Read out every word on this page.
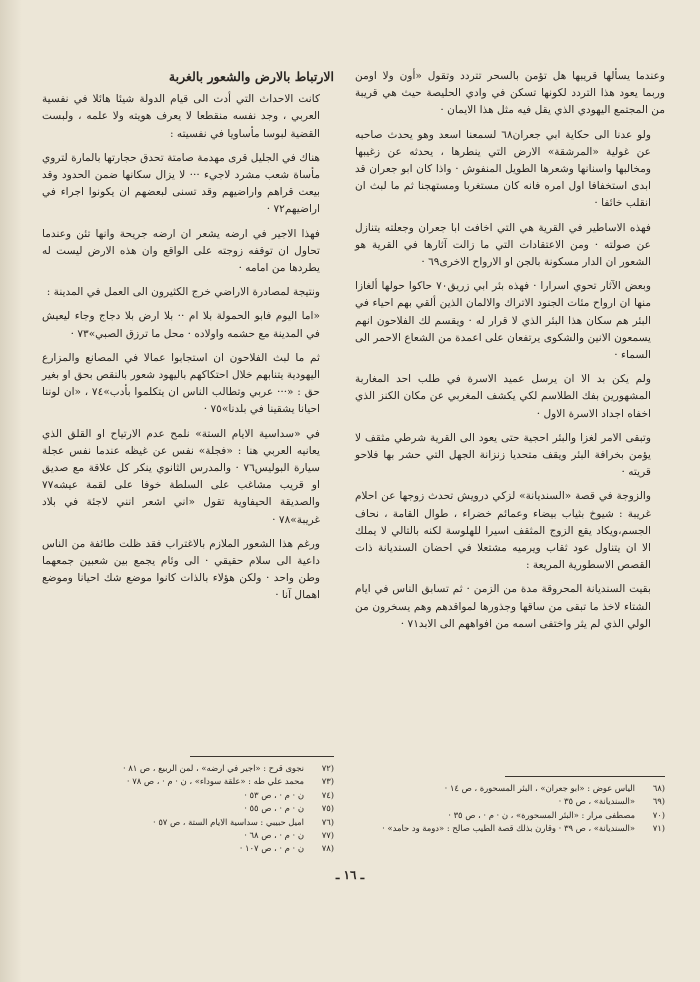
وعندما يسألها قريبها هل تؤمن بالسحر تتردد وتقول «أون ولا اومن وربما يعود هذا التردد لكونها تسكن في وادي الحليصة حيث هي قريبة من المجتمع اليهودي الذي يقل فيه مثل هذا الايمان ·

ولو عدنا الى حكاية ابي جعران٦٨ لسمعنا اسعد وهو يحدث صاحبه عن غولية «المرشقة» الارض التي ينطرها ، يحدثه عن زغيبها ومخالبها واسنانها وشعرها الطويل المنفوش · واذا كان ابو جعران قد ابدى استخفافا اول امره فانه كان مستغربا ومستهجنا ثم ما لبث ان انقلب خائفا ·

فهذه الاساطير في القرية هي التي اخافت ابا جعران وجعلته يتنازل عن صولته · ومن الاعتقادات التي ما زالت آثارها في القرية هو الشعور ان الدار مسكونة بالجن او الارواح الاخرى٦٩ ·

وبعض الآثار تحوي اسرارا · فهذه بئر ابي زريق٧٠ حاكوا حولها ألغازا منها ان ارواح مئات الجنود الاتراك والالمان الذين ألقي بهم احياء في البئر هم سكان هذا البئر الذي لا قرار له · ويقسم لك الفلاحون انهم يسمعون الانين والشكوى يرتفعان على اعمدة من الشعاع الاحمر الى السماء ·

ولم يكن بد الا ان يرسل عميد الاسرة في طلب احد المغاربة المشهورين بفك الطلاسم لكي يكشف المغربي عن مكان الكنز الذي اخفاه اجداد الاسرة الاول ·

وتبقى الامر لغزا والبئر احجية حتى يعود الى القرية شرطي مثقف لا يؤمن بخرافة البئر ويقف متحديا زنزانة الجهل التي حشر بها فلاحو قريته ·

والزوجة في قصة «السنديانة» لزكي درويش تحدث زوجها عن احلام غريبة : شيوخ بثياب بيضاء وعمائم خضراء ، طوال القامة ، نحاف الجسم،ويكاد يقع الزوج المثقف اسيرا للهلوسة لكنه بالتالي لا يملك الا ان يتناول عود ثقاب ويرميه مشتعلا في احضان السنديانة ذات القصص الاسطورية المريعة :

بقيت السنديانة المحروقة مدة من الزمن · ثم تسابق الناس في ايام الشتاء لاخذ ما تبقى من ساقها وجذورها لمواقدهم وهم يسخرون من الولي الذي لم يثر واختفى اسمه من افواههم الى الابد٧١ ·

الارتباط بالارض والشعور بالغربة

كانت الاحداث التي أدت الى قيام الدولة شيئا هائلا في نفسية العربي ، وجد نفسه منقطعا لا يعرف هويته ولا علمه ، ولبست القضية لبوسا مأساويا في نفسيته :

هناك في الجليل قرى مهدمة صامتة تحدق حجارتها بالمارة لتروي مأساة شعب مشرد لاجيء ··· لا يزال سكانها ضمن الحدود وقد بيعت قراهم واراضيهم وقد تسنى لبعضهم ان يكونوا اجراء في اراضيهم٧٢ ·

فهذا الاجير في ارضه يشعر ان ارضه جريحة وانها تئن وعندما تحاول ان توقفه زوجته على الواقع وان هذه الارض ليست له يطردها من امامه ·

ونتيجة لمصادرة الاراضي خرج الكثيرون الى العمل في المدينة :

«اما اليوم فابو الحمولة بلا ام ·· بلا ارض بلا دجاج وجاء ليعيش في المدينة مع حشمه واولاده · محل ما ترزق الصبي»٧٣ ·

ثم ما لبث الفلاحون ان استجابوا عمالا في المصانع والمزارع اليهودية يتنابهم خلال احتكاكهم باليهود شعور بالنقص بحق او بغير حق : «··· عربي وتطالب الناس ان يتكلموا بأدب»٧٤ ، «ان لوننا احيانا يشقينا في بلدنا»٧٥ ·

في «سداسية الايام الستة» نلمح عدم الارتياح او القلق الذي يعانيه العربي هنا : «فجلة» نفس عن غيظه عندما نفس عجلة سيارة البوليس٧٦ · والمدرس الثانوي ينكر كل علاقة مع صديق او قريب مشاغب على السلطة خوفا على لقمة عيشه٧٧ والصديقة الحيفاوية تقول «اني اشعر انني لاجئة في بلاد غريبة»٧٨ ·

ورغم هذا الشعور الملازم بالاغتراب فقد ظلت طائفة من الناس داعية الى سلام حقيقي · الى وئام يجمع بين شعبين جمعهما وطن واحد · ولكن هؤلاء بالذات كانوا موضع شك احيانا وموضع اهمال آنا ·

(٦٨
الياس عوض : «ابو جعران» ، البئر المسحورة ، ص ١٤ ·
(٦٩
«السنديانة» ، ص ٣٥ ·
(٧٠
مصطفى مرار : «البئر المسحورة» ، ن · م · ، ص ٣٥ ·
(٧١
«السنديانة» ، ص ٣٩ · وقارن بذلك قصة الطيب صالح : «دومة ود حامد» ·
(٧٢
نجوى قرح : «اجير في ارضه» ، لمن الربيع ، ص ٨١ ·
(٧٣
محمد علي طه : «علقة سوداء» ، ن · م · ، ص ٧٨ ·
(٧٤
ن · م · ، ص ٥٣ ·
(٧٥
ن · م · ، ص ٥٥ ·
(٧٦
اميل حبيبي : سداسية الايام الستة ، ص ٥٧ ·
(٧٧
ن · م · ، ص ٦٨ ·
(٧٨
ن · م · ، ص ١٠٧ ·
ـ ١٦ ـ
